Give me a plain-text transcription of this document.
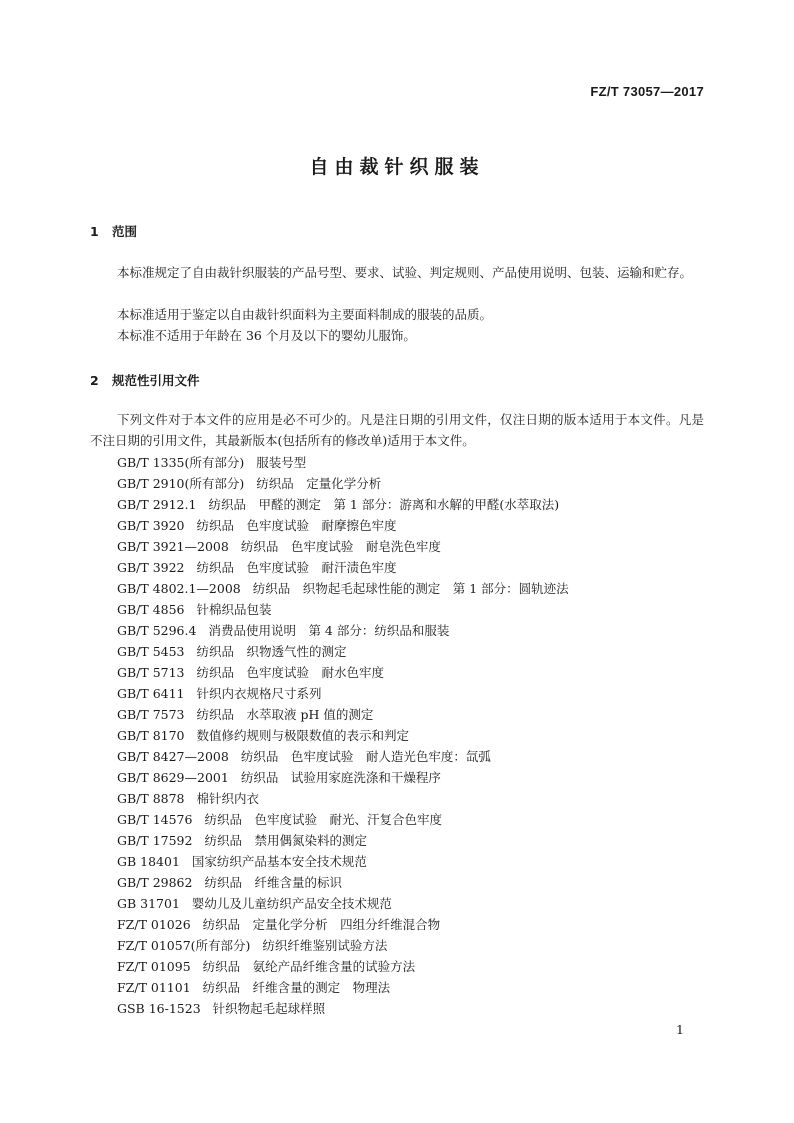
FZ/T 73057—2017
自由裁针织服装
1 范围
本标准规定了自由裁针织服装的产品号型、要求、试验、判定规则、产品使用说明、包装、运输和贮存。
本标准适用于鉴定以自由裁针织面料为主要面料制成的服装的品质。
本标准不适用于年龄在 36 个月及以下的婴幼儿服饰。
2 规范性引用文件
下列文件对于本文件的应用是必不可少的。凡是注日期的引用文件，仅注日期的版本适用于本文件。凡是不注日期的引用文件，其最新版本(包括所有的修改单)适用于本文件。
GB/T 1335(所有部分) 服装号型
GB/T 2910(所有部分) 纺织品　定量化学分析
GB/T 2912.1 纺织品　甲醛的测定　第 1 部分：游离和水解的甲醛(水萃取法)
GB/T 3920 纺织品　色牢度试验　耐摩擦色牢度
GB/T 3921—2008 纺织品　色牢度试验　耐皂洗色牢度
GB/T 3922 纺织品　色牢度试验　耐汗渍色牢度
GB/T 4802.1—2008 纺织品　织物起毛起球性能的测定　第 1 部分：圆轨迹法
GB/T 4856 针棉织品包装
GB/T 5296.4 消费品使用说明　第 4 部分：纺织品和服装
GB/T 5453 纺织品　织物透气性的测定
GB/T 5713 纺织品　色牢度试验　耐水色牢度
GB/T 6411 针织内衣规格尺寸系列
GB/T 7573 纺织品　水萃取液 pH 值的测定
GB/T 8170 数值修约规则与极限数值的表示和判定
GB/T 8427—2008 纺织品　色牢度试验　耐人造光色牢度：氙弧
GB/T 8629—2001 纺织品　试验用家庭洗涤和干燥程序
GB/T 8878 棉针织内衣
GB/T 14576 纺织品　色牢度试验　耐光、汗复合色牢度
GB/T 17592 纺织品　禁用偶氮染料的测定
GB 18401 国家纺织产品基本安全技术规范
GB/T 29862 纺织品　纤维含量的标识
GB 31701 婴幼儿及儿童纺织产品安全技术规范
FZ/T 01026 纺织品　定量化学分析　四组分纤维混合物
FZ/T 01057(所有部分) 纺织纤维鉴别试验方法
FZ/T 01095 纺织品　氨纶产品纤维含量的试验方法
FZ/T 01101 纺织品　纤维含量的测定　物理法
GSB 16-1523 针织物起毛起球样照
1
